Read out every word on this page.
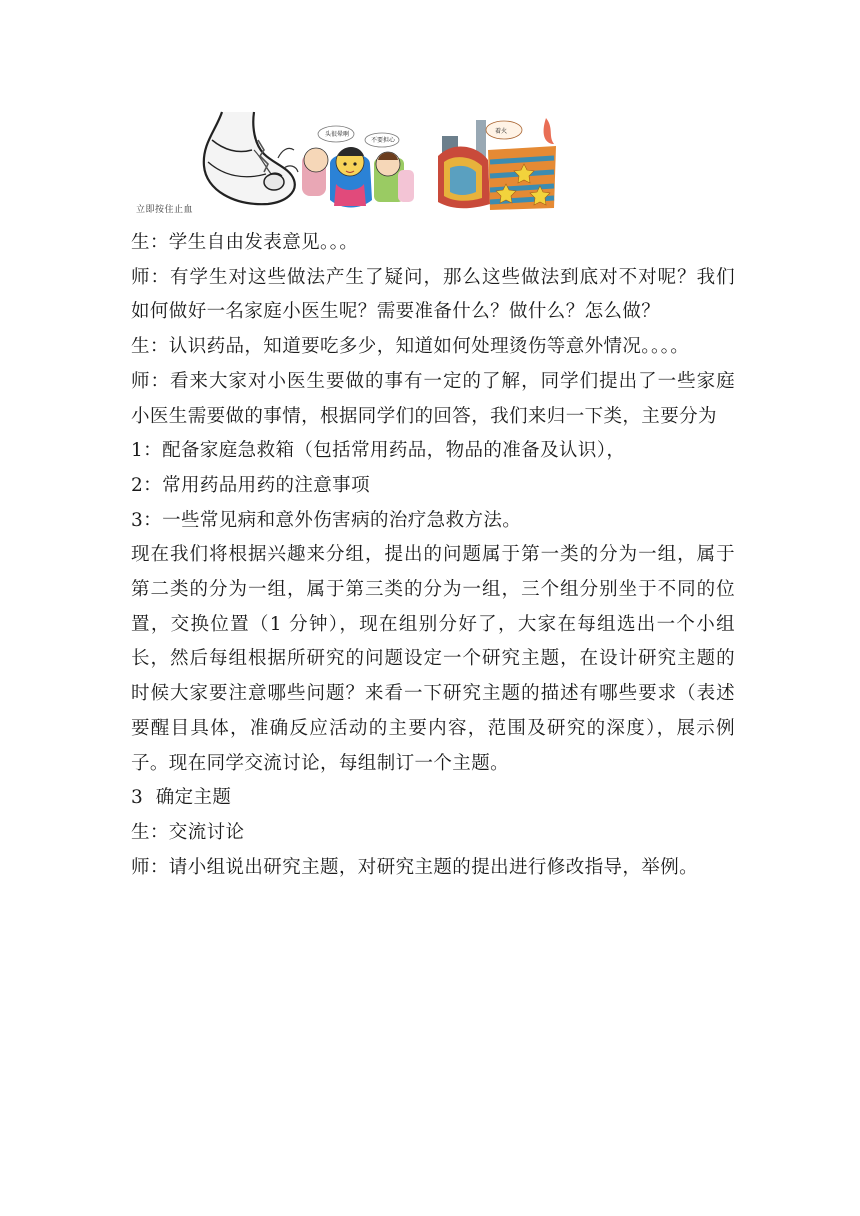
头很晕啊
不要担心
着火
立即按住止血

生：学生自由发表意见。。。

师：有学生对这些做法产生了疑问，那么这些做法到底对不对呢？我们如何做好一名家庭小医生呢？需要准备什么？做什么？怎么做？

生：认识药品，知道要吃多少，知道如何处理烫伤等意外情况。。。。

师：看来大家对小医生要做的事有一定的了解，同学们提出了一些家庭小医生需要做的事情，根据同学们的回答，我们来归一下类，主要分为

1：配备家庭急救箱（包括常用药品，物品的准备及认识），

2：常用药品用药的注意事项

3：一些常见病和意外伤害病的治疗急救方法。

现在我们将根据兴趣来分组，提出的问题属于第一类的分为一组，属于第二类的分为一组，属于第三类的分为一组，三个组分别坐于不同的位置，交换位置（1 分钟），现在组别分好了，大家在每组选出一个小组长，然后每组根据所研究的问题设定一个研究主题，在设计研究主题的时候大家要注意哪些问题？来看一下研究主题的描述有哪些要求（表述要醒目具体，准确反应活动的主要内容，范围及研究的深度），展示例子。现在同学交流讨论，每组制订一个主题。

3  确定主题

生：交流讨论

师：请小组说出研究主题，对研究主题的提出进行修改指导，举例。
